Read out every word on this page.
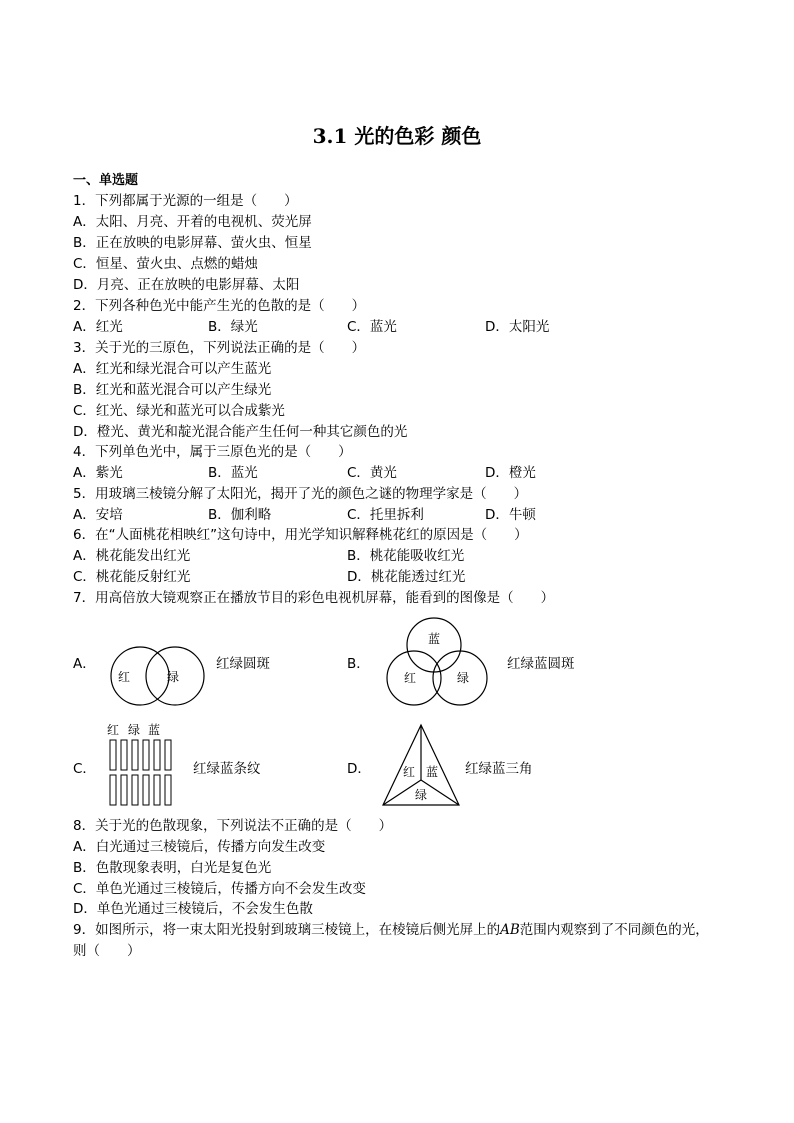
3.1 光的色彩 颜色
一、单选题
1．下列都属于光源的一组是（　　）
A．太阳、月亮、开着的电视机、荧光屏
B．正在放映的电影屏幕、萤火虫、恒星
C．恒星、萤火虫、点燃的蜡烛
D．月亮、正在放映的电影屏幕、太阳
2．下列各种色光中能产生光的色散的是（　　）
A．红光	B．绿光	C．蓝光	D．太阳光
3．关于光的三原色，下列说法正确的是（　　）
A．红光和绿光混合可以产生蓝光
B．红光和蓝光混合可以产生绿光
C．红光、绿光和蓝光可以合成紫光
D．橙光、黄光和靛光混合能产生任何一种其它颜色的光
4．下列单色光中，属于三原色光的是（　　）
A．紫光	B．蓝光	C．黄光	D．橙光
5．用玻璃三棱镜分解了太阳光，揭开了光的颜色之谜的物理学家是（　　）
A．安培	B．伽利略	C．托里拆利	D．牛顿
6．在“人面桃花相映红”这句诗中，用光学知识解释桃花红的原因是（　　）
A．桃花能发出红光	B．桃花能吸收红光
C．桃花能反射红光	D．桃花能透过红光
7．用高倍放大镜观察正在播放节目的彩色电视机屏幕，能看到的图像是（　　）
A．
红	绿
红绿圆斑	B．
蓝
红	绿
红绿蓝圆斑
C．
红 绿 蓝
红绿蓝条纹	D．	红 蓝
绿
红绿蓝三角
8．关于光的色散现象，下列说法不正确的是（　　）
A．白光通过三棱镜后，传播方向发生改变
B．色散现象表明，白光是复色光
C．单色光通过三棱镜后，传播方向不会发生改变
D．单色光通过三棱镜后，不会发生色散
9．如图所示，将一束太阳光投射到玻璃三棱镜上，在棱镜后侧光屏上的AB范围内观察到了不同颜色的光，
则（　　）
